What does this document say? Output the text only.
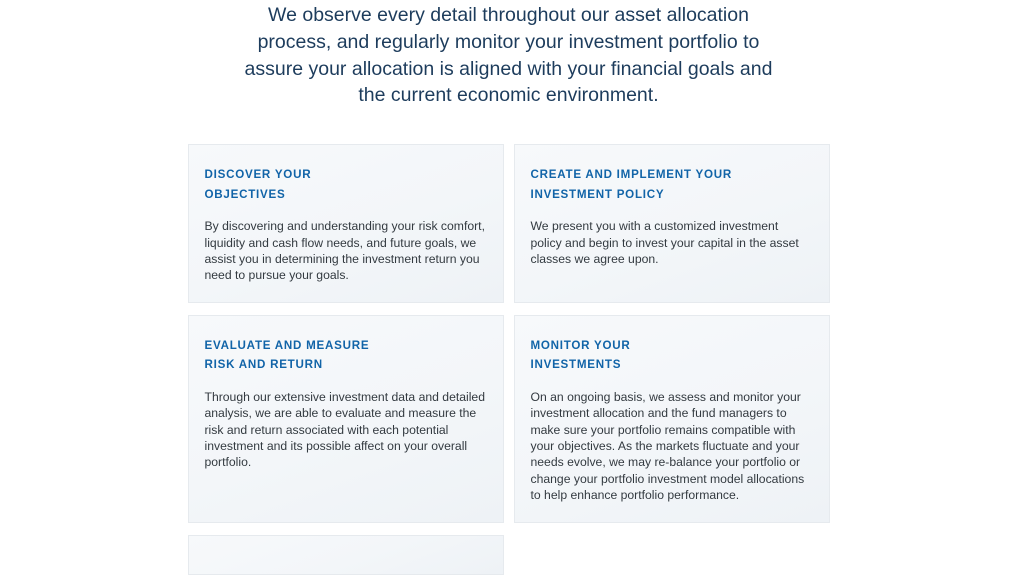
We observe every detail throughout our asset allocation
process, and regularly monitor your investment portfolio to
assure your allocation is aligned with your financial goals and
the current economic environment.
DISCOVER YOUR
OBJECTIVES

By discovering and understanding your risk comfort, liquidity and cash flow needs, and future goals, we assist you in determining the investment return you need to pursue your goals.

CREATE AND IMPLEMENT YOUR
INVESTMENT POLICY

We present you with a customized investment policy and begin to invest your capital in the asset classes we agree upon.

EVALUATE AND MEASURE
RISK AND RETURN

Through our extensive investment data and detailed analysis, we are able to evaluate and measure the risk and return associated with each potential investment and its possible affect on your overall portfolio.

MONITOR YOUR
INVESTMENTS

On an ongoing basis, we assess and monitor your investment allocation and the fund managers to make sure your portfolio remains compatible with your objectives. As the markets fluctuate and your needs evolve, we may re-balance your portfolio or change your portfolio investment model allocations to help enhance portfolio performance.
